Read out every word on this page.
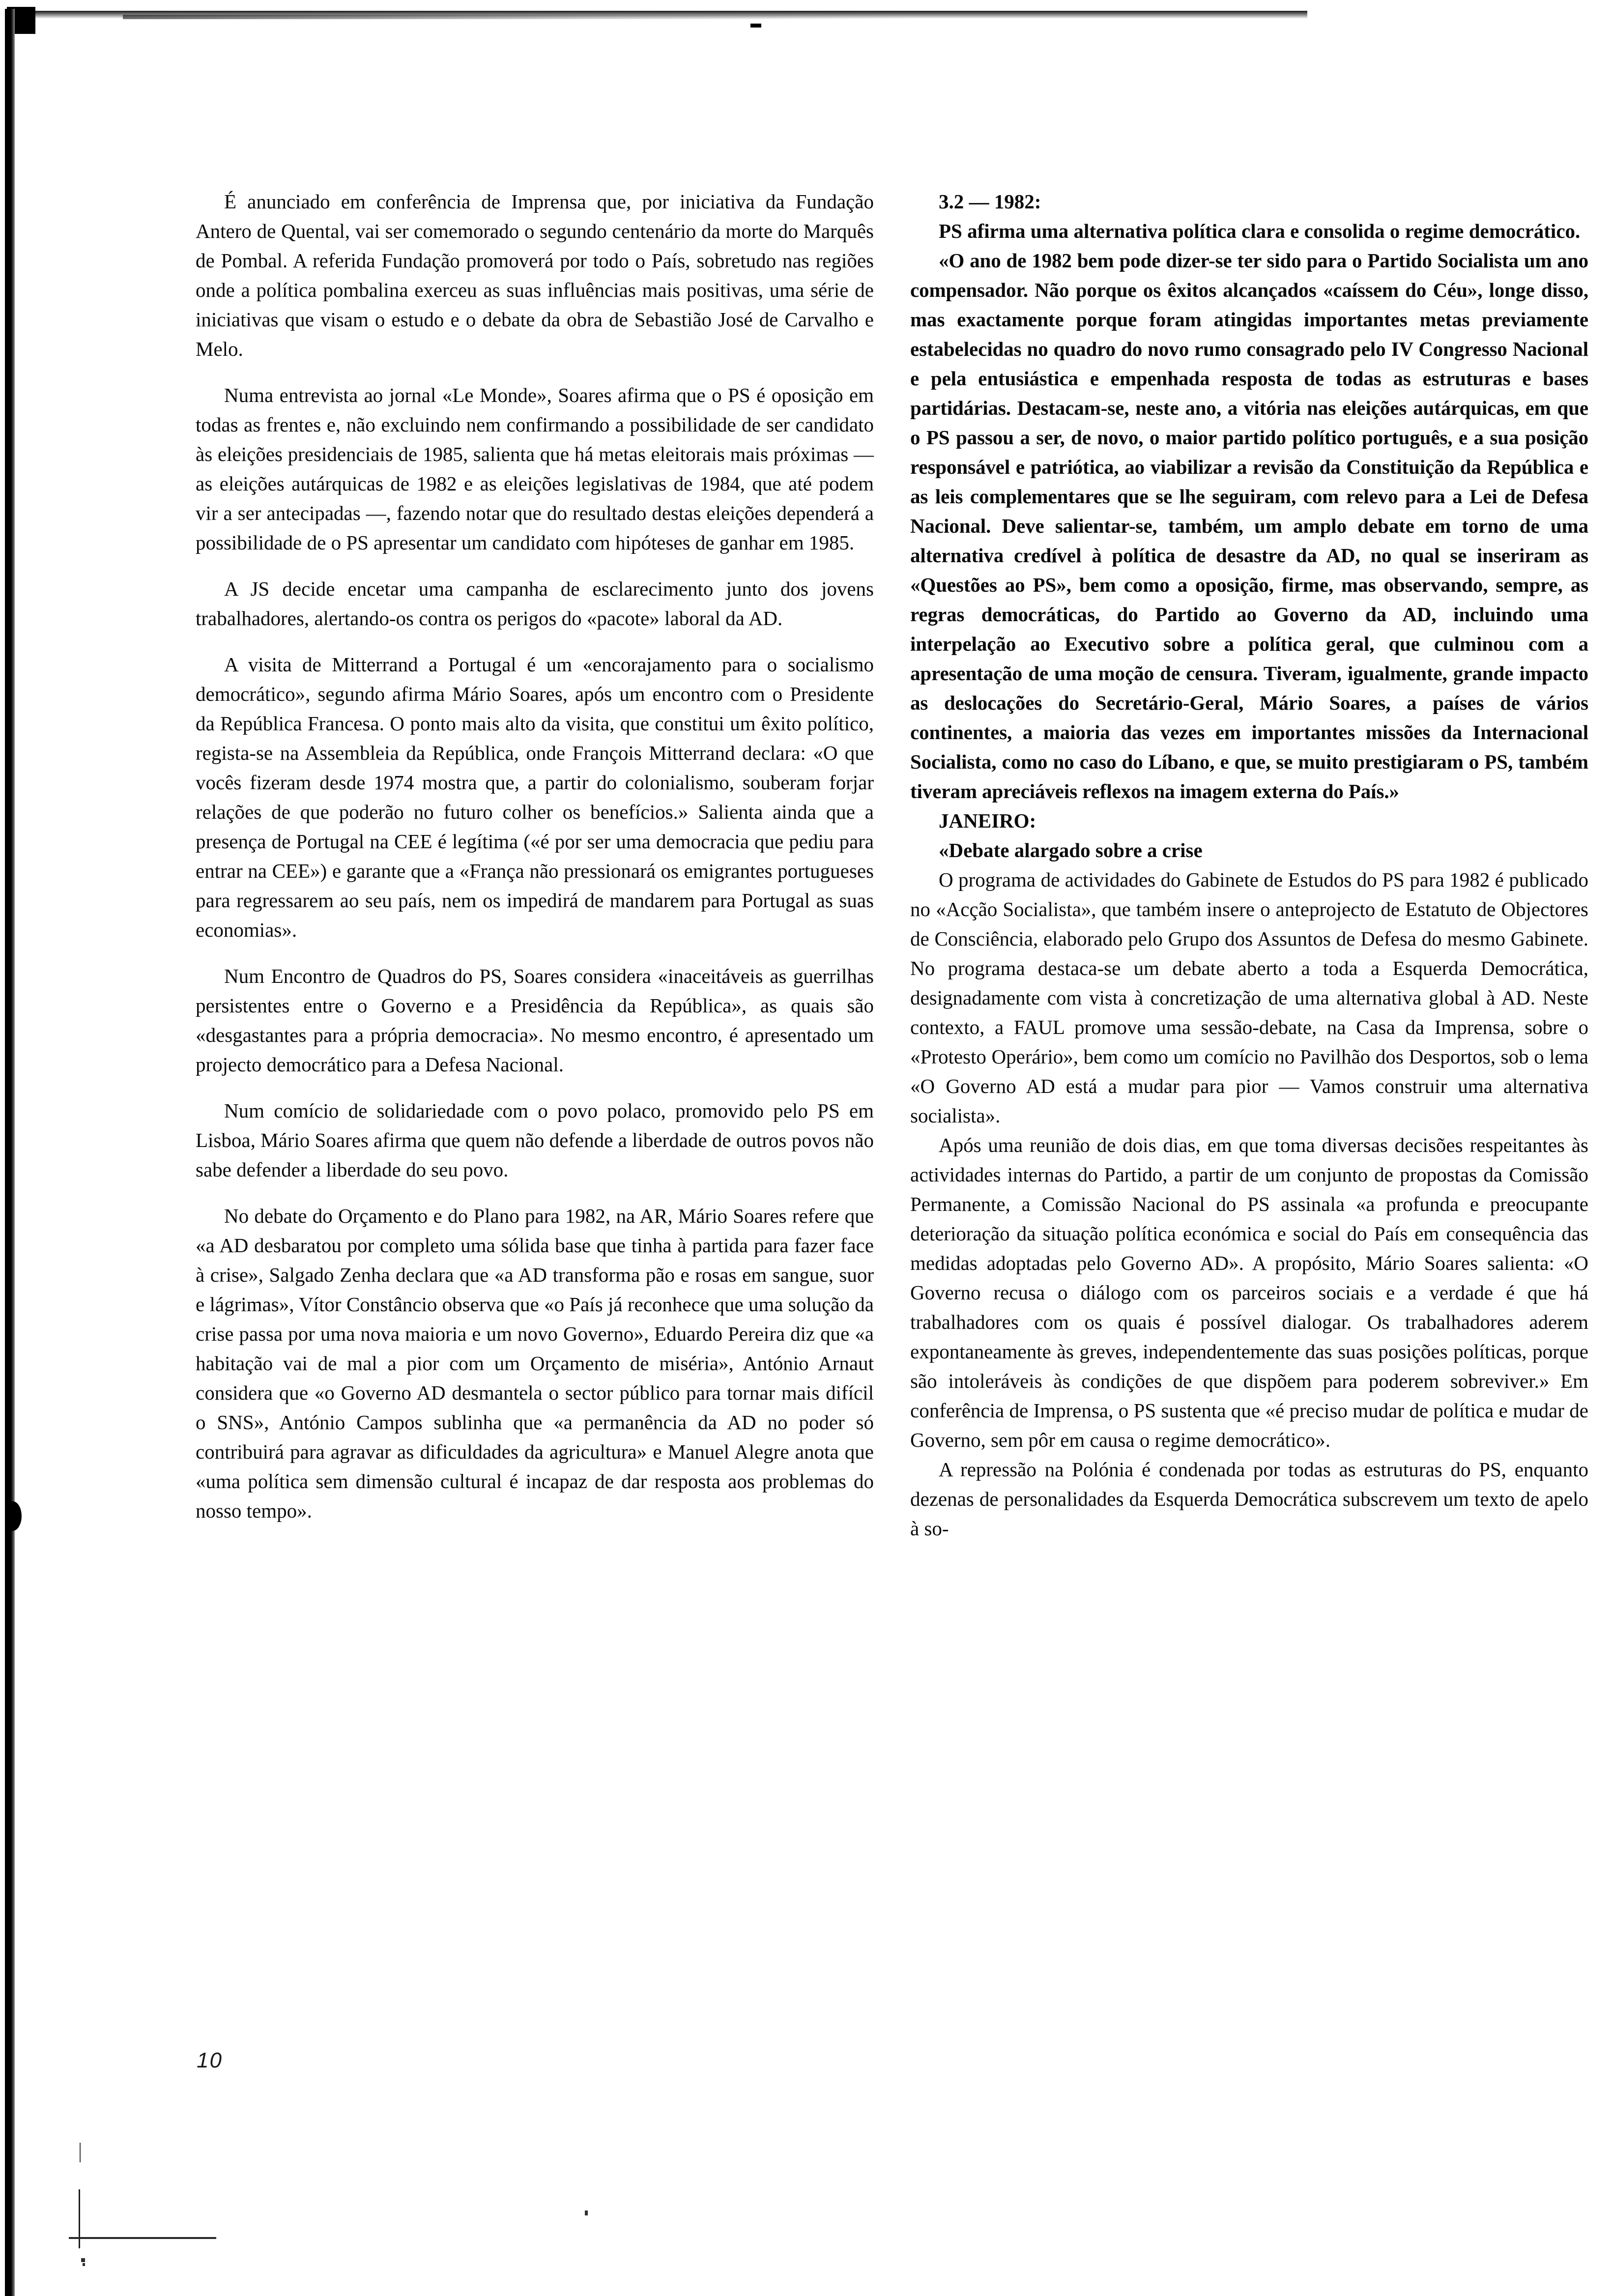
É anunciado em conferência de Imprensa que, por iniciativa da Fundação Antero de Quental, vai ser comemorado o segundo centenário da morte do Marquês de Pombal. A referida Fundação promoverá por todo o País, sobretudo nas regiões onde a política pombalina exerceu as suas influências mais positivas, uma série de iniciativas que visam o estudo e o debate da obra de Sebastião José de Carvalho e Melo.

Numa entrevista ao jornal «Le Monde», Soares afirma que o PS é oposição em todas as frentes e, não excluindo nem confirmando a possibilidade de ser candidato às eleições presidenciais de 1985, salienta que há metas eleitorais mais próximas — as eleições autárquicas de 1982 e as eleições legislativas de 1984, que até podem vir a ser antecipadas —, fazendo notar que do resultado destas eleições dependerá a possibilidade de o PS apresentar um candidato com hipóteses de ganhar em 1985.

A JS decide encetar uma campanha de esclarecimento junto dos jovens trabalhadores, alertando-os contra os perigos do «pacote» laboral da AD.

A visita de Mitterrand a Portugal é um «encorajamento para o socialismo democrático», segundo afirma Mário Soares, após um encontro com o Presidente da República Francesa. O ponto mais alto da visita, que constitui um êxito político, regista-se na Assembleia da República, onde François Mitterrand declara: «O que vocês fizeram desde 1974 mostra que, a partir do colonialismo, souberam forjar relações de que poderão no futuro colher os benefícios.» Salienta ainda que a presença de Portugal na CEE é legítima («é por ser uma democracia que pediu para entrar na CEE») e garante que a «França não pressionará os emigrantes portugueses para regressarem ao seu país, nem os impedirá de mandarem para Portugal as suas economias».

Num Encontro de Quadros do PS, Soares considera «inaceitáveis as guerrilhas persistentes entre o Governo e a Presidência da República», as quais são «desgastantes para a própria democracia». No mesmo encontro, é apresentado um projecto democrático para a Defesa Nacional.

Num comício de solidariedade com o povo polaco, promovido pelo PS em Lisboa, Mário Soares afirma que quem não defende a liberdade de outros povos não sabe defender a liberdade do seu povo.

No debate do Orçamento e do Plano para 1982, na AR, Mário Soares refere que «a AD desbaratou por completo uma sólida base que tinha à partida para fazer face à crise», Salgado Zenha declara que «a AD transforma pão e rosas em sangue, suor e lágrimas», Vítor Constâncio observa que «o País já reconhece que uma solução da crise passa por uma nova maioria e um novo Governo», Eduardo Pereira diz que «a habitação vai de mal a pior com um Orçamento de miséria», António Arnaut considera que «o Governo AD desmantela o sector público para tornar mais difícil o SNS», António Campos sublinha que «a permanência da AD no poder só contribuirá para agravar as dificuldades da agricultura» e Manuel Alegre anota que «uma política sem dimensão cultural é incapaz de dar resposta aos problemas do nosso tempo».

10

3.2 — 1982:

PS afirma uma alternativa política clara e consolida o regime democrático.

«O ano de 1982 bem pode dizer-se ter sido para o Partido Socialista um ano compensador. Não porque os êxitos alcançados «caíssem do Céu», longe disso, mas exactamente porque foram atingidas importantes metas previamente estabelecidas no quadro do novo rumo consagrado pelo IV Congresso Nacional e pela entusiástica e empenhada resposta de todas as estruturas e bases partidárias. Destacam-se, neste ano, a vitória nas eleições autárquicas, em que o PS passou a ser, de novo, o maior partido político português, e a sua posição responsável e patriótica, ao viabilizar a revisão da Constituição da República e as leis complementares que se lhe seguiram, com relevo para a Lei de Defesa Nacional. Deve salientar-se, também, um amplo debate em torno de uma alternativa credível à política de desastre da AD, no qual se inseriram as «Questões ao PS», bem como a oposição, firme, mas observando, sempre, as regras democráticas, do Partido ao Governo da AD, incluindo uma interpelação ao Executivo sobre a política geral, que culminou com a apresentação de uma moção de censura. Tiveram, igualmente, grande impacto as deslocações do Secretário-Geral, Mário Soares, a países de vários continentes, a maioria das vezes em importantes missões da Internacional Socialista, como no caso do Líbano, e que, se muito prestigiaram o PS, também tiveram apreciáveis reflexos na imagem externa do País.»

JANEIRO:

«Debate alargado sobre a crise

O programa de actividades do Gabinete de Estudos do PS para 1982 é publicado no «Acção Socialista», que também insere o anteprojecto de Estatuto de Objectores de Consciência, elaborado pelo Grupo dos Assuntos de Defesa do mesmo Gabinete. No programa destaca-se um debate aberto a toda a Esquerda Democrática, designadamente com vista à concretização de uma alternativa global à AD. Neste contexto, a FAUL promove uma sessão-debate, na Casa da Imprensa, sobre o «Protesto Operário», bem como um comício no Pavilhão dos Desportos, sob o lema «O Governo AD está a mudar para pior — Vamos construir uma alternativa socialista».

Após uma reunião de dois dias, em que toma diversas decisões respeitantes às actividades internas do Partido, a partir de um conjunto de propostas da Comissão Permanente, a Comissão Nacional do PS assinala «a profunda e preocupante deterioração da situação política económica e social do País em consequência das medidas adoptadas pelo Governo AD». A propósito, Mário Soares salienta: «O Governo recusa o diálogo com os parceiros sociais e a verdade é que há trabalhadores com os quais é possível dialogar. Os trabalhadores aderem expontaneamente às greves, independentemente das suas posições políticas, porque são intoleráveis às condições de que dispõem para poderem sobreviver.» Em conferência de Imprensa, o PS sustenta que «é preciso mudar de política e mudar de Governo, sem pôr em causa o regime democrático».

A repressão na Polónia é condenada por todas as estruturas do PS, enquanto dezenas de personalidades da Esquerda Democrática subscrevem um texto de apelo à so-
